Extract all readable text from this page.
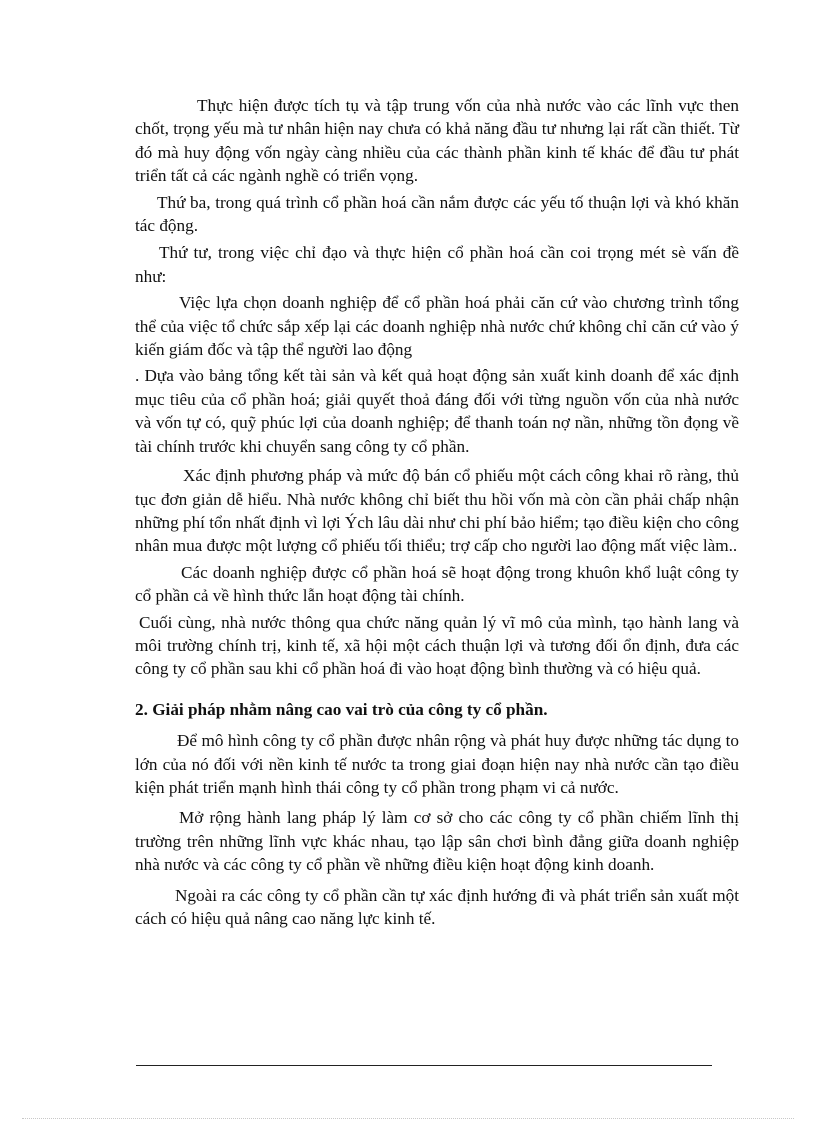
Thực hiện được tích tụ và tập trung vốn của nhà nước vào các lĩnh vực then chốt, trọng yếu mà tư nhân hiện nay chưa có khả năng đầu tư nhưng lại rất cần thiết. Từ đó mà huy động vốn ngày càng nhiều của các thành phần kinh tế khác để đầu tư phát triển tất cả các ngành nghề có triển vọng.

Thứ ba, trong quá trình cổ phần hoá cần nắm được các yếu tố thuận lợi và khó khăn tác động.

Thứ tư, trong việc chỉ đạo và thực hiện cổ phần hoá cần coi trọng mét sè vấn đề như:

Việc lựa chọn doanh nghiệp để cổ phần hoá phải căn cứ vào chương trình tổng thể của việc tổ chức sắp xếp lại các doanh nghiệp nhà nước chứ không chỉ căn cứ vào ý kiến giám đốc và tập thể người lao động

. Dựa vào bảng tổng kết tài sản và kết quả hoạt động sản xuất kinh doanh để xác định mục tiêu của cổ phần hoá; giải quyết thoả đáng đối với từng nguồn vốn của nhà nước và vốn tự có, quỹ phúc lợi của doanh nghiệp; để thanh toán nợ nần, những tồn đọng về tài chính trước khi chuyển sang công ty cổ phần.

Xác định phương pháp và mức độ bán cổ phiếu một cách công khai rõ ràng, thủ tục đơn giản dễ hiểu. Nhà nước không chỉ biết thu hồi vốn mà còn cần phải chấp nhận những phí tổn nhất định vì lợi Ých lâu dài như chi phí bảo hiểm; tạo điều kiện cho công nhân mua được một lượng cổ phiếu tối thiểu; trợ cấp cho người lao động mất việc làm..

Các doanh nghiệp được cổ phần hoá sẽ hoạt động trong khuôn khổ luật công ty cổ phần cả về hình thức lẫn hoạt động tài chính.

Cuối cùng, nhà nước thông qua chức năng quản lý vĩ mô của mình, tạo hành lang và môi trường chính trị, kinh tế, xã hội một cách thuận lợi và tương đối ổn định, đưa các công ty cổ phần sau khi cổ phần hoá đi vào hoạt động bình thường và có hiệu quả.

2. Giải pháp nhằm nâng cao vai trò của công ty cổ phần.

Để mô hình công ty cổ phần được nhân rộng và phát huy được những tác dụng to lớn của nó đối với nền kinh tế nước ta trong giai đoạn hiện nay nhà nước cần tạo điều kiện phát triển mạnh hình thái công ty cổ phần trong phạm vi cả nước.

Mở rộng hành lang pháp lý làm cơ sở cho các công ty cổ phần chiếm lĩnh thị trường trên những lĩnh vực khác nhau, tạo lập sân chơi bình đẳng giữa doanh nghiệp nhà nước và các công ty cổ phần về những điều kiện hoạt động kinh doanh.

Ngoài ra các công ty cổ phần cần tự xác định hướng đi và phát triển sản xuất một cách có hiệu quả nâng cao năng lực kinh tế.
